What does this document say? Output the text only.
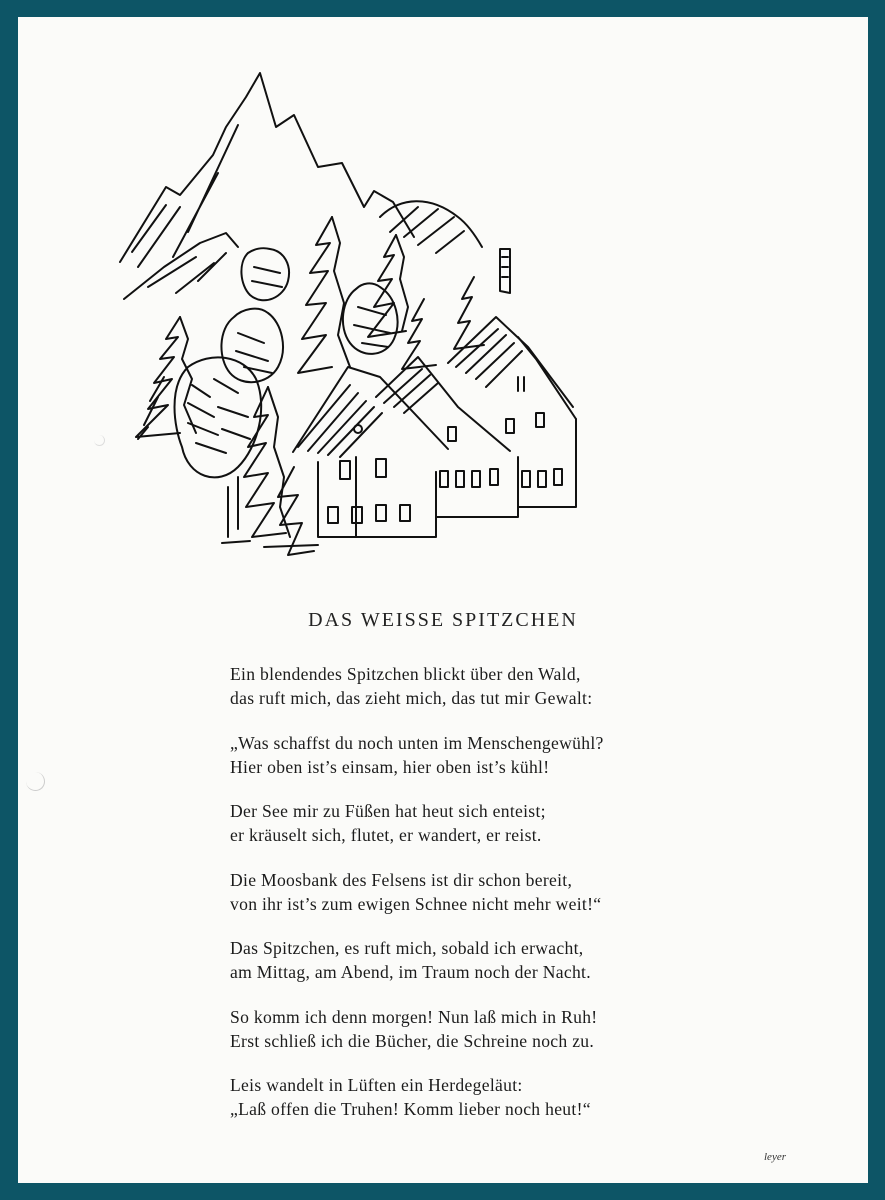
DAS WEISSE SPITZCHEN
Ein blendendes Spitzchen blickt über den Wald,
das ruft mich, das zieht mich, das tut mir Gewalt:
„Was schaffst du noch unten im Menschengewühl?
Hier oben ist’s einsam, hier oben ist’s kühl!
Der See mir zu Füßen hat heut sich enteist;
er kräuselt sich, flutet, er wandert, er reist.
Die Moosbank des Felsens ist dir schon bereit,
von ihr ist’s zum ewigen Schnee nicht mehr weit!“
Das Spitzchen, es ruft mich, sobald ich erwacht,
am Mittag, am Abend, im Traum noch der Nacht.
So komm ich denn morgen! Nun laß mich in Ruh!
Erst schließ ich die Bücher, die Schreine noch zu.
Leis wandelt in Lüften ein Herdegeläut:
„Laß offen die Truhen! Komm lieber noch heut!“
leyer
